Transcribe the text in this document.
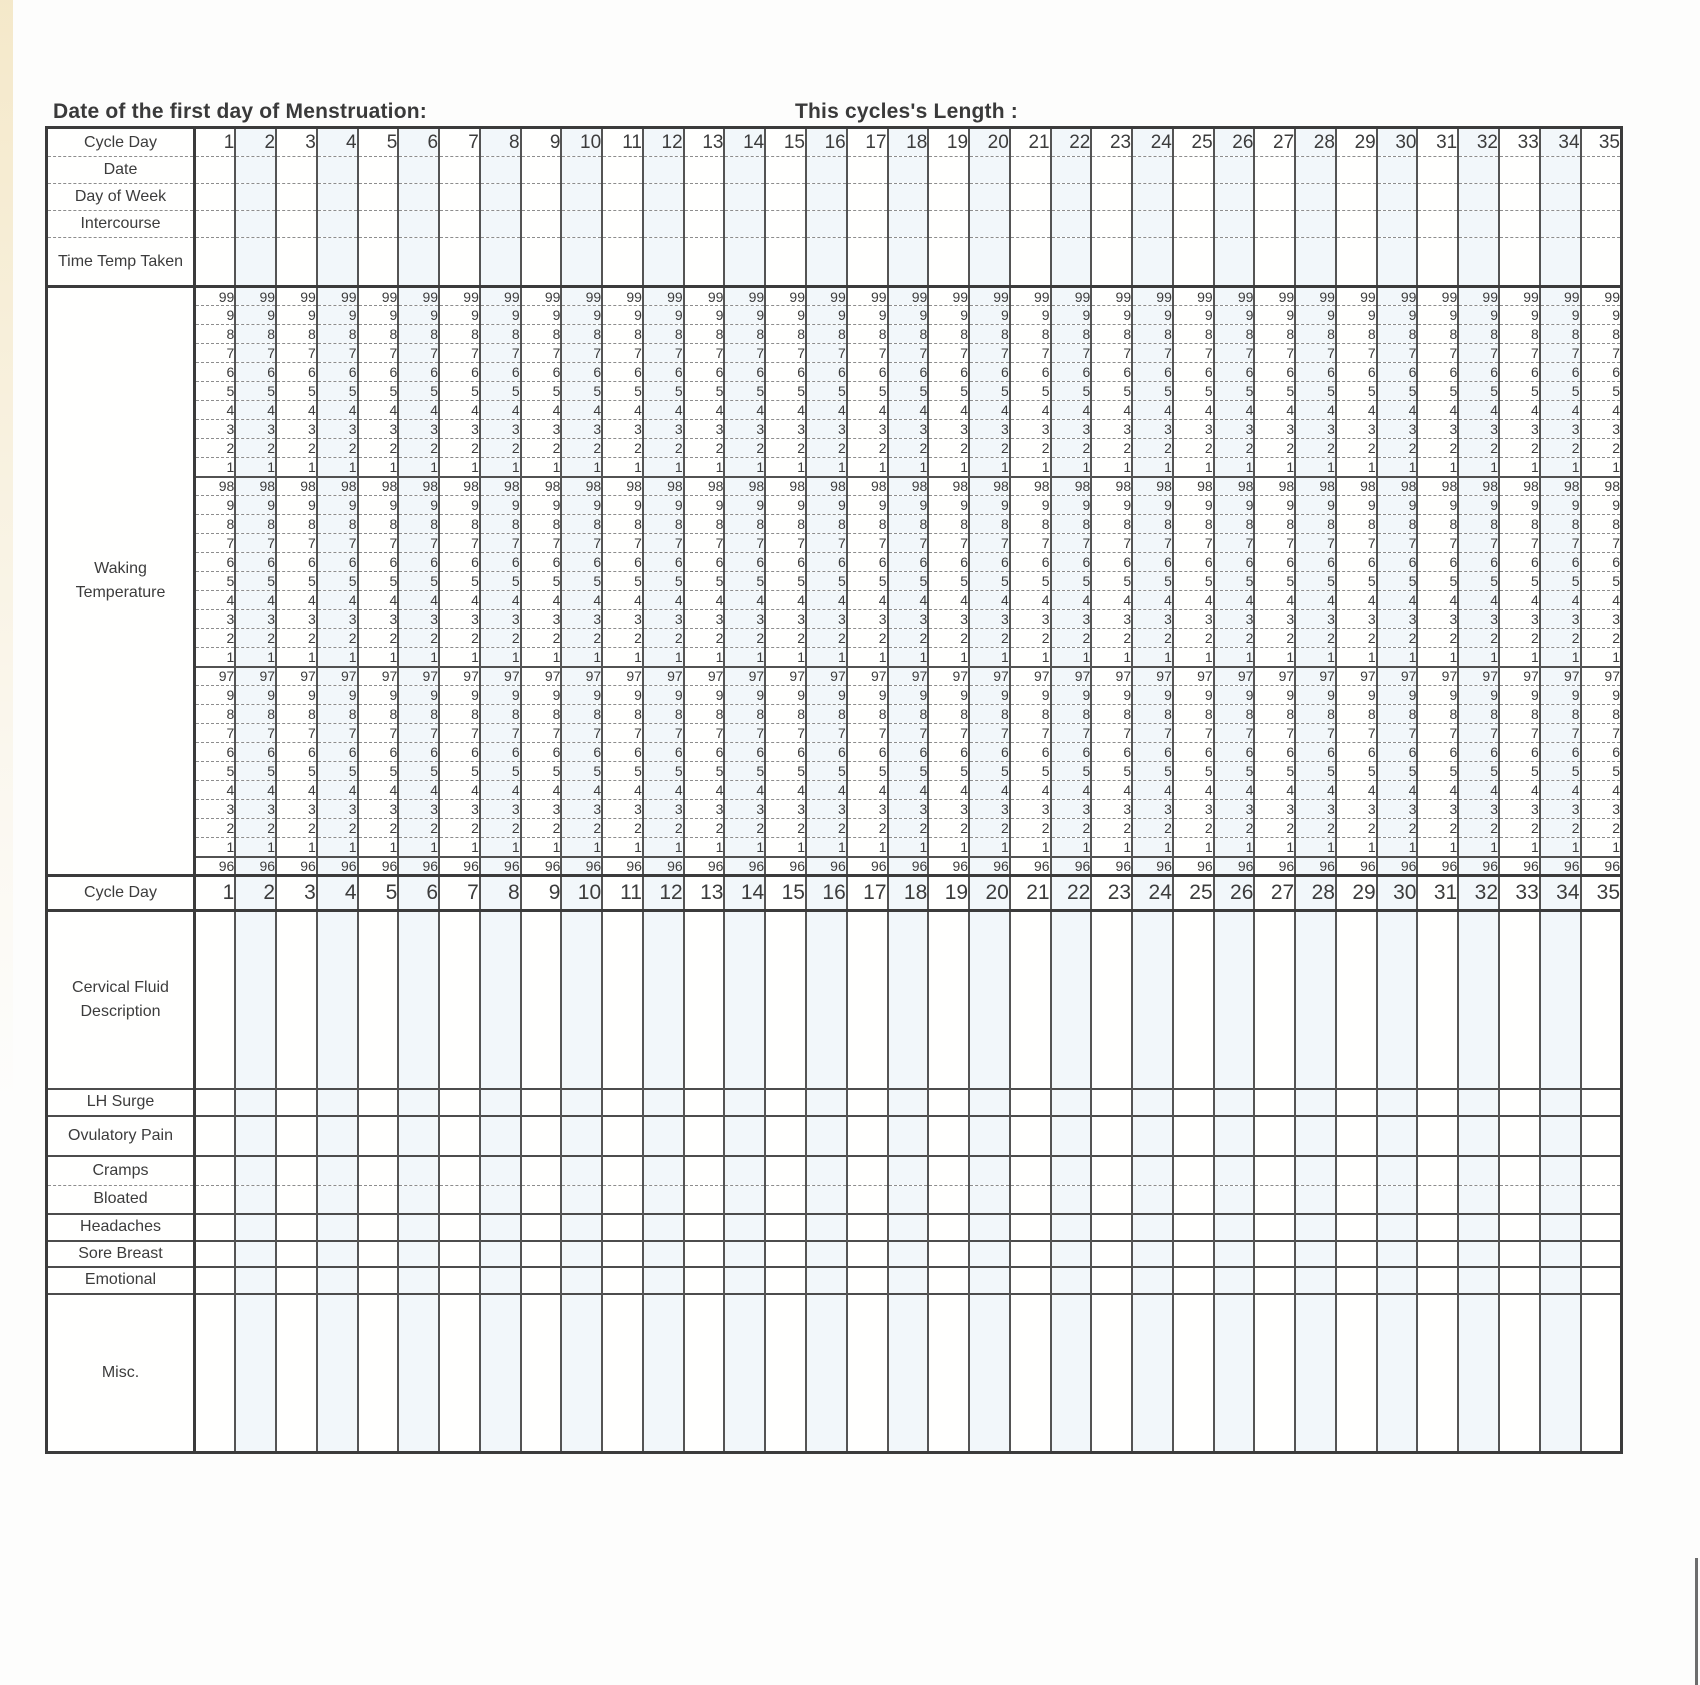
Date of the first day of Menstruation:	This cycles's Length :
Cycle Day	1	2	3	4	5	6	7	8	9	10	11	12	13	14	15	16	17	18	19	20	21	22	23	24	25	26	27	28	29	30	31	32	33	34	35
Date																																			
Day of Week																																			
Intercourse																																			
Time Temp Taken																																			
Waking Temperature	99	99	99	99	99	99	99	99	99	99	99	99	99	99	99	99	99	99	99	99	99	99	99	99	99	99	99	99	99	99	99	99	99	99	99
	9	9	9	9	9	9	9	9	9	9	9	9	9	9	9	9	9	9	9	9	9	9	9	9	9	9	9	9	9	9	9	9	9	9	9
	8	8	8	8	8	8	8	8	8	8	8	8	8	8	8	8	8	8	8	8	8	8	8	8	8	8	8	8	8	8	8	8	8	8	8
	7	7	7	7	7	7	7	7	7	7	7	7	7	7	7	7	7	7	7	7	7	7	7	7	7	7	7	7	7	7	7	7	7	7	7
	6	6	6	6	6	6	6	6	6	6	6	6	6	6	6	6	6	6	6	6	6	6	6	6	6	6	6	6	6	6	6	6	6	6	6
	5	5	5	5	5	5	5	5	5	5	5	5	5	5	5	5	5	5	5	5	5	5	5	5	5	5	5	5	5	5	5	5	5	5	5
	4	4	4	4	4	4	4	4	4	4	4	4	4	4	4	4	4	4	4	4	4	4	4	4	4	4	4	4	4	4	4	4	4	4	4
	3	3	3	3	3	3	3	3	3	3	3	3	3	3	3	3	3	3	3	3	3	3	3	3	3	3	3	3	3	3	3	3	3	3	3
	2	2	2	2	2	2	2	2	2	2	2	2	2	2	2	2	2	2	2	2	2	2	2	2	2	2	2	2	2	2	2	2	2	2	2
	1	1	1	1	1	1	1	1	1	1	1	1	1	1	1	1	1	1	1	1	1	1	1	1	1	1	1	1	1	1	1	1	1	1	1
	98	98	98	98	98	98	98	98	98	98	98	98	98	98	98	98	98	98	98	98	98	98	98	98	98	98	98	98	98	98	98	98	98	98	98
	9	9	9	9	9	9	9	9	9	9	9	9	9	9	9	9	9	9	9	9	9	9	9	9	9	9	9	9	9	9	9	9	9	9	9
	8	8	8	8	8	8	8	8	8	8	8	8	8	8	8	8	8	8	8	8	8	8	8	8	8	8	8	8	8	8	8	8	8	8	8
	7	7	7	7	7	7	7	7	7	7	7	7	7	7	7	7	7	7	7	7	7	7	7	7	7	7	7	7	7	7	7	7	7	7	7
	6	6	6	6	6	6	6	6	6	6	6	6	6	6	6	6	6	6	6	6	6	6	6	6	6	6	6	6	6	6	6	6	6	6	6
	5	5	5	5	5	5	5	5	5	5	5	5	5	5	5	5	5	5	5	5	5	5	5	5	5	5	5	5	5	5	5	5	5	5	5
	4	4	4	4	4	4	4	4	4	4	4	4	4	4	4	4	4	4	4	4	4	4	4	4	4	4	4	4	4	4	4	4	4	4	4
	3	3	3	3	3	3	3	3	3	3	3	3	3	3	3	3	3	3	3	3	3	3	3	3	3	3	3	3	3	3	3	3	3	3	3
	2	2	2	2	2	2	2	2	2	2	2	2	2	2	2	2	2	2	2	2	2	2	2	2	2	2	2	2	2	2	2	2	2	2	2
	1	1	1	1	1	1	1	1	1	1	1	1	1	1	1	1	1	1	1	1	1	1	1	1	1	1	1	1	1	1	1	1	1	1	1
	97	97	97	97	97	97	97	97	97	97	97	97	97	97	97	97	97	97	97	97	97	97	97	97	97	97	97	97	97	97	97	97	97	97	97
	9	9	9	9	9	9	9	9	9	9	9	9	9	9	9	9	9	9	9	9	9	9	9	9	9	9	9	9	9	9	9	9	9	9	9
	8	8	8	8	8	8	8	8	8	8	8	8	8	8	8	8	8	8	8	8	8	8	8	8	8	8	8	8	8	8	8	8	8	8	8
	7	7	7	7	7	7	7	7	7	7	7	7	7	7	7	7	7	7	7	7	7	7	7	7	7	7	7	7	7	7	7	7	7	7	7
	6	6	6	6	6	6	6	6	6	6	6	6	6	6	6	6	6	6	6	6	6	6	6	6	6	6	6	6	6	6	6	6	6	6	6
	5	5	5	5	5	5	5	5	5	5	5	5	5	5	5	5	5	5	5	5	5	5	5	5	5	5	5	5	5	5	5	5	5	5	5
	4	4	4	4	4	4	4	4	4	4	4	4	4	4	4	4	4	4	4	4	4	4	4	4	4	4	4	4	4	4	4	4	4	4	4
	3	3	3	3	3	3	3	3	3	3	3	3	3	3	3	3	3	3	3	3	3	3	3	3	3	3	3	3	3	3	3	3	3	3	3
	2	2	2	2	2	2	2	2	2	2	2	2	2	2	2	2	2	2	2	2	2	2	2	2	2	2	2	2	2	2	2	2	2	2	2
	1	1	1	1	1	1	1	1	1	1	1	1	1	1	1	1	1	1	1	1	1	1	1	1	1	1	1	1	1	1	1	1	1	1	1
	96	96	96	96	96	96	96	96	96	96	96	96	96	96	96	96	96	96	96	96	96	96	96	96	96	96	96	96	96	96	96	96	96	96	96
Cycle Day	1	2	3	4	5	6	7	8	9	10	11	12	13	14	15	16	17	18	19	20	21	22	23	24	25	26	27	28	29	30	31	32	33	34	35
Cervical Fluid Description																																			
LH Surge																																			
Ovulatory Pain																																			
Cramps																																			
Bloated																																			
Headaches																																			
Sore Breast																																			
Emotional																																			
Misc.																																			
